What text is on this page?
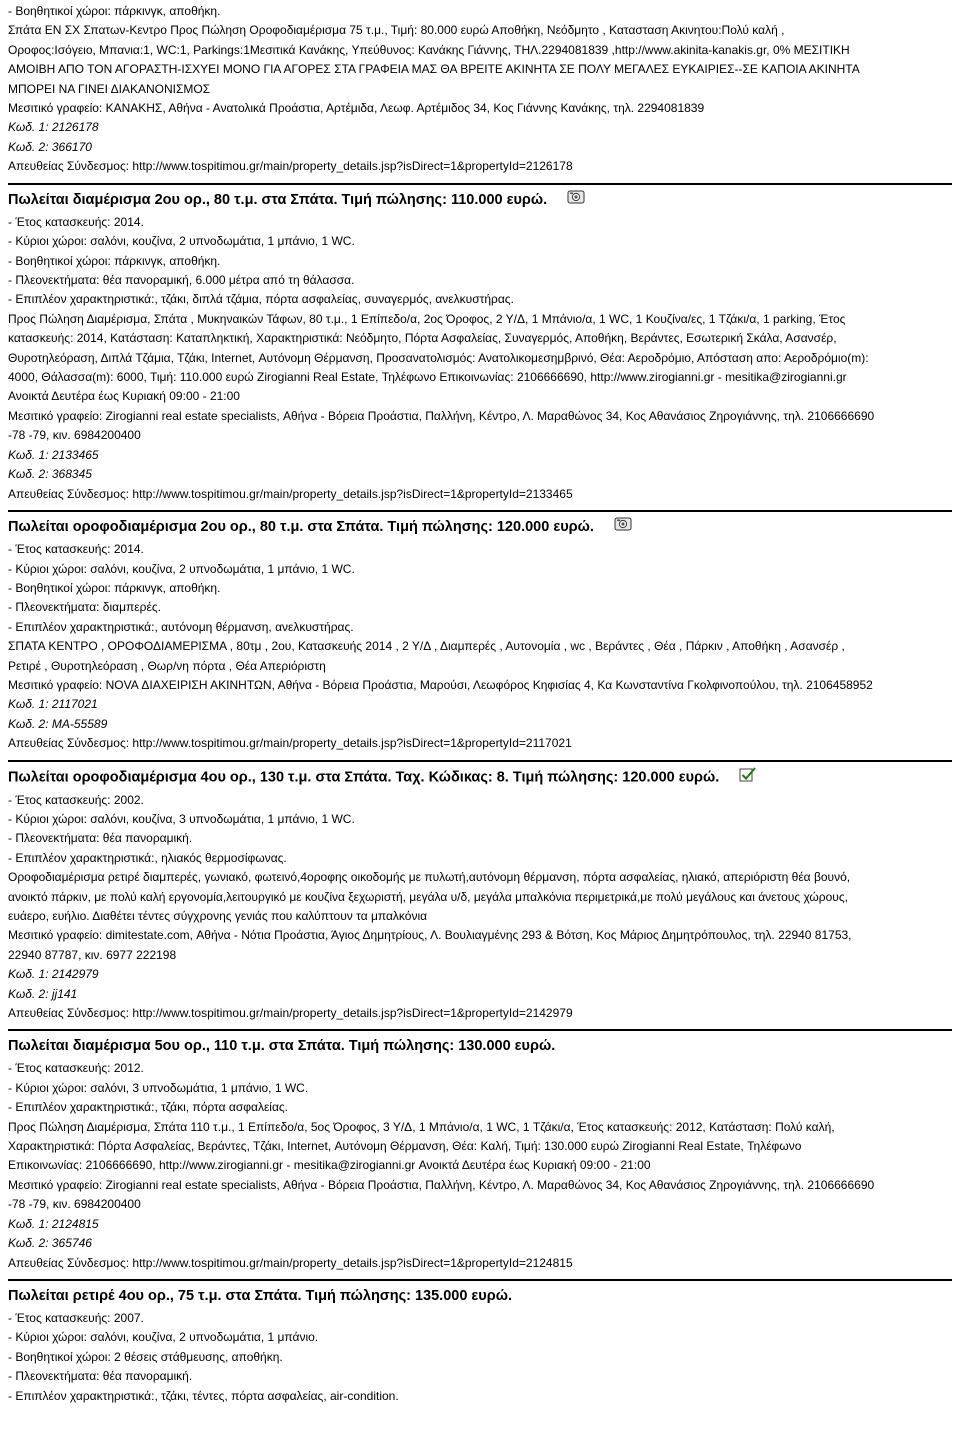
- Βοηθητικοί χώροι: πάρκινγκ, αποθήκη.
Σπάτα ΕΝ ΣΧ Σπατων-Κεντρο Προς Πώληση Οροφοδιαμέρισμα 75 τ.μ., Τιμή: 80.000 ευρώ Αποθήκη, Νεόδμητο , Κατασταση Ακινητου:Πολύ καλή ,
Οροφος:Ισόγειο, Μπανια:1, WC:1, Parkings:1Μεσιτικά Κανάκης, Υπεύθυνος: Κανάκης Γιάννης, ΤΗΛ.2294081839 ,http://www.akinita-kanakis.gr, 0% ΜΕΣΙΤΙΚΗ
ΑΜΟΙΒΗ ΑΠΟ ΤΟΝ ΑΓΟΡΑΣΤΗ-ΙΣΧΥΕΙ ΜΟΝΟ ΓΙΑ ΑΓΟΡΕΣ ΣΤΑ ΓΡΑΦΕΙΑ ΜΑΣ ΘΑ ΒΡΕΙΤΕ ΑΚΙΝΗΤΑ ΣΕ ΠΟΛΥ ΜΕΓΑΛΕΣ ΕΥΚΑΙΡΙΕΣ--ΣΕ ΚΑΠΟΙΑ ΑΚΙΝΗΤΑ
ΜΠΟΡΕΙ ΝΑ ΓΙΝΕΙ ΔΙΑΚΑΝΟΝΙΣΜΟΣ
Μεσιτικό γραφείο: ΚΑΝΑΚΗΣ, Αθήνα - Ανατολικά Προάστια, Αρτέμιδα, Λεωφ. Αρτέμιδος 34, Κος Γιάννης Κανάκης, τηλ. 2294081839
Κωδ. 1: 2126178
Κωδ. 2: 366170
Απευθείας Σύνδεσμος: http://www.tospitimou.gr/main/property_details.jsp?isDirect=1&propertyId=2126178
Πωλείται διαμέρισμα 2ου ορ., 80 τ.μ. στα Σπάτα. Τιμή πώλησης: 110.000 ευρώ.
- Έτος κατασκευής: 2014.
- Κύριοι χώροι: σαλόνι, κουζίνα, 2 υπνοδωμάτια, 1 μπάνιο, 1 WC.
- Βοηθητικοί χώροι: πάρκινγκ, αποθήκη.
- Πλεονεκτήματα: θέα πανοραμική, 6.000 μέτρα από τη θάλασσα.
- Επιπλέον χαρακτηριστικά:, τζάκι, διπλά τζάμια, πόρτα ασφαλείας, συναγερμός, ανελκυστήρας.
Προς Πώληση Διαμέρισμα, Σπάτα , Μυκηναικών Τάφων, 80 τ.μ., 1 Επίπεδο/α, 2ος Όροφος, 2 Υ/Δ, 1 Μπάνιο/α, 1 WC, 1 Κουζίνα/ες, 1 Τζάκι/α, 1 parking, Έτος
κατασκευής: 2014, Κατάσταση: Καταπληκτική, Χαρακτηριστικά: Νεόδμητο, Πόρτα Ασφαλείας, Συναγερμός, Αποθήκη, Βεράντες, Εσωτερική Σκάλα, Ασανσέρ,
Θυροτηλεόραση, Διπλά Τζάμια, Τζάκι, Internet, Αυτόνομη Θέρμανση, Προσανατολισμός: Ανατολικομεσημβρινό, Θέα: Αεροδρόμιο, Απόσταση απο: Αεροδρόμιο(m):
4000, Θάλασσα(m): 6000, Τιμή: 110.000 ευρώ Zirogianni Real Estate, Τηλέφωνο Επικοινωνίας: 2106666690, http://www.zirogianni.gr - mesitika@zirogianni.gr
Ανοικτά Δευτέρα έως Κυριακή 09:00 - 21:00
Μεσιτικό γραφείο: Zirogianni real estate specialists, Αθήνα - Βόρεια Προάστια, Παλλήνη, Κέντρο, Λ. Μαραθώνος 34, Κος Αθανάσιος Ζηρογιάννης, τηλ. 2106666690
-78 -79, κιν. 6984200400
Κωδ. 1: 2133465
Κωδ. 2: 368345
Απευθείας Σύνδεσμος: http://www.tospitimou.gr/main/property_details.jsp?isDirect=1&propertyId=2133465
Πωλείται οροφοδιαμέρισμα 2ου ορ., 80 τ.μ. στα Σπάτα. Τιμή πώλησης: 120.000 ευρώ.
- Έτος κατασκευής: 2014.
- Κύριοι χώροι: σαλόνι, κουζίνα, 2 υπνοδωμάτια, 1 μπάνιο, 1 WC.
- Βοηθητικοί χώροι: πάρκινγκ, αποθήκη.
- Πλεονεκτήματα: διαμπερές.
- Επιπλέον χαρακτηριστικά:, αυτόνομη θέρμανση, ανελκυστήρας.
ΣΠΑΤΑ ΚΕΝΤΡΟ , ΟΡΟΦΟΔΙΑΜΕΡΙΣΜΑ , 80τμ , 2ου, Κατασκευής 2014 , 2 Υ/Δ , Διαμπερές , Αυτονομία , wc , Βεράντες , Θέα , Πάρκιν , Αποθήκη , Ασανσέρ ,
Ρετιρέ , Θυροτηλεόραση , Θωρ/νη πόρτα , Θέα Απεριόριστη
Μεσιτικό γραφείο: NOVA ΔΙΑΧΕΙΡΙΣΗ ΑΚΙΝΗΤΩΝ, Αθήνα - Βόρεια Προάστια, Μαρούσι, Λεωφόρος Κηφισίας 4, Κα Κωνσταντίνα Γκολφινοπούλου, τηλ. 2106458952
Κωδ. 1: 2117021
Κωδ. 2: ΜΑ-55589
Απευθείας Σύνδεσμος: http://www.tospitimou.gr/main/property_details.jsp?isDirect=1&propertyId=2117021
Πωλείται οροφοδιαμέρισμα 4ου ορ., 130 τ.μ. στα Σπάτα. Ταχ. Κώδικας: 8. Τιμή πώλησης: 120.000 ευρώ.
- Έτος κατασκευής: 2002.
- Κύριοι χώροι: σαλόνι, κουζίνα, 3 υπνοδωμάτια, 1 μπάνιο, 1 WC.
- Πλεονεκτήματα: θέα πανοραμική.
- Επιπλέον χαρακτηριστικά:, ηλιακός θερμοσίφωνας.
Οροφοδιαμέρισμα ρετιρέ διαμπερές, γωνιακό, φωτεινό,4οροφης οικοδομής με πυλωτή,αυτόνομη θέρμανση, πόρτα ασφαλείας, ηλιακό, απεριόριστη θέα βουνό,
ανοικτό πάρκιν, με πολύ καλή εργονομία,λειτουργικό με κουζίνα ξεχωριστή, μεγάλα υ/δ, μεγάλα μπαλκόνια περιμετρικά,με πολύ μεγάλους και άνετους χώρους,
ευάερο, ευήλιο. Διαθέτει τέντες σύγχρονης γενιάς που καλύπτουν τα μπαλκόνια
Μεσιτικό γραφείο: dimitestate.com, Αθήνα - Νότια Προάστια, Άγιος Δημητρίους, Λ. Βουλιαγμένης 293 & Βότση, Κος Μάριος Δημητρόπουλος, τηλ. 22940 81753,
22940 87787, κιν. 6977 222198
Κωδ. 1: 2142979
Κωδ. 2: jj141
Απευθείας Σύνδεσμος: http://www.tospitimou.gr/main/property_details.jsp?isDirect=1&propertyId=2142979
Πωλείται διαμέρισμα 5ου ορ., 110 τ.μ. στα Σπάτα. Τιμή πώλησης: 130.000 ευρώ.
- Έτος κατασκευής: 2012.
- Κύριοι χώροι: σαλόνι, 3 υπνοδωμάτια, 1 μπάνιο, 1 WC.
- Επιπλέον χαρακτηριστικά:, τζάκι, πόρτα ασφαλείας.
Προς Πώληση Διαμέρισμα, Σπάτα 110 τ.μ., 1 Επίπεδο/α, 5ος Όροφος, 3 Υ/Δ, 1 Μπάνιο/α, 1 WC, 1 Τζάκι/α, Έτος κατασκευής: 2012, Κατάσταση: Πολύ καλή,
Χαρακτηριστικά: Πόρτα Ασφαλείας, Βεράντες, Τζάκι, Internet, Αυτόνομη Θέρμανση, Θέα: Καλή, Τιμή: 130.000 ευρώ Zirogianni Real Estate, Τηλέφωνο
Επικοινωνίας: 2106666690, http://www.zirogianni.gr - mesitika@zirogianni.gr Ανοικτά Δευτέρα έως Κυριακή 09:00 - 21:00
Μεσιτικό γραφείο: Zirogianni real estate specialists, Αθήνα - Βόρεια Προάστια, Παλλήνη, Κέντρο, Λ. Μαραθώνος 34, Κος Αθανάσιος Ζηρογιάννης, τηλ. 2106666690
-78 -79, κιν. 6984200400
Κωδ. 1: 2124815
Κωδ. 2: 365746
Απευθείας Σύνδεσμος: http://www.tospitimou.gr/main/property_details.jsp?isDirect=1&propertyId=2124815
Πωλείται ρετιρέ 4ου ορ., 75 τ.μ. στα Σπάτα. Τιμή πώλησης: 135.000 ευρώ.
- Έτος κατασκευής: 2007.
- Κύριοι χώροι: σαλόνι, κουζίνα, 2 υπνοδωμάτια, 1 μπάνιο.
- Βοηθητικοί χώροι: 2 θέσεις στάθμευσης, αποθήκη.
- Πλεονεκτήματα: θέα πανοραμική.
- Επιπλέον χαρακτηριστικά:, τζάκι, τέντες, πόρτα ασφαλείας, air-condition.
